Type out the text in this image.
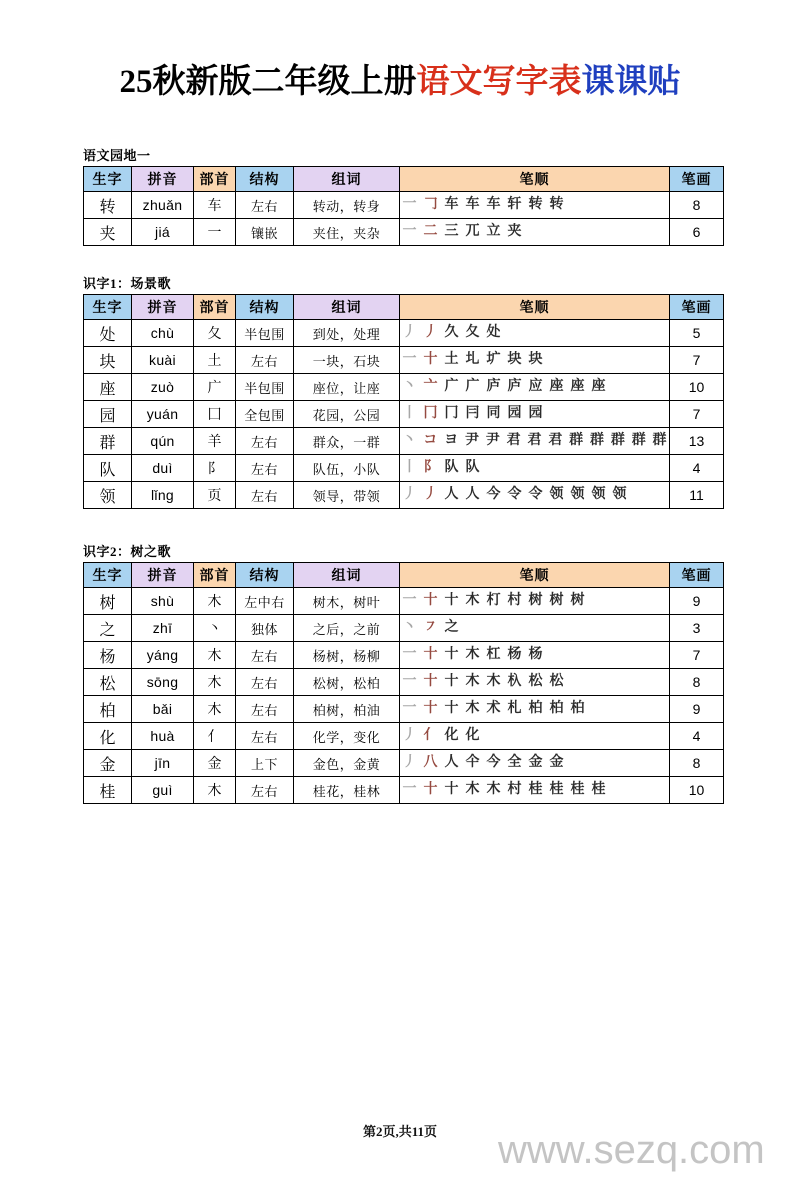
25秋新版二年级上册语文写字表课课贴
语文园地一
生字	拼音	部首	结构	组词	笔顺	笔画
转	zhuǎn	车	左右	转动，转身	一 𠃌 车 车 车 轩 转 转	8
夹	jiá	一	镶嵌	夹住，夹杂	一 二 三 兀 立 夹	6
识字1：场景歌
生字	拼音	部首	结构	组词	笔顺	笔画
处	chù	夂	半包围	到处，处理	丿 丿 久 夂 处	5
块	kuài	土	左右	一块，石块	一 十 土 圠 圹 块 块	7
座	zuò	广	半包围	座位，让座	丶 亠 广 广 庐 庐 应 座 座 座	10
园	yuán	囗	全包围	花园，公园	丨 冂 冂 冃 同 园 园	7
群	qún	羊	左右	群众，一群	丶 コ ヨ 尹 尹 君 君 君 群 群 群 群 群	13
队	duì	阝	左右	队伍，小队	丨 阝 队 队	4
领	lǐng	页	左右	领导，带领	丿 丿 人 人 今 令 令 领 领 领 领	11
识字2：树之歌
生字	拼音	部首	结构	组词	笔顺	笔画
树	shù	木	左中右	树木，树叶	一 十 十 木 朾 村 树 树 树	9
之	zhī	丶	独体	之后，之前	丶 ㇇ 之	3
杨	yáng	木	左右	杨树，杨柳	一 十 十 木 杠 杨 杨	7
松	sōng	木	左右	松树，松柏	一 十 十 木 木 杁 松 松	8
柏	bǎi	木	左右	柏树，柏油	一 十 十 木 术 札 柏 柏 柏	9
化	huà	亻	左右	化学，变化	丿 亻 化 化	4
金	jīn	金	上下	金色，金黄	丿 八 人 仐 今 全 金 金	8
桂	guì	木	左右	桂花，桂林	一 十 十 木 木 村 桂 桂 桂 桂	10
第2页,共11页	www.sezq.com
